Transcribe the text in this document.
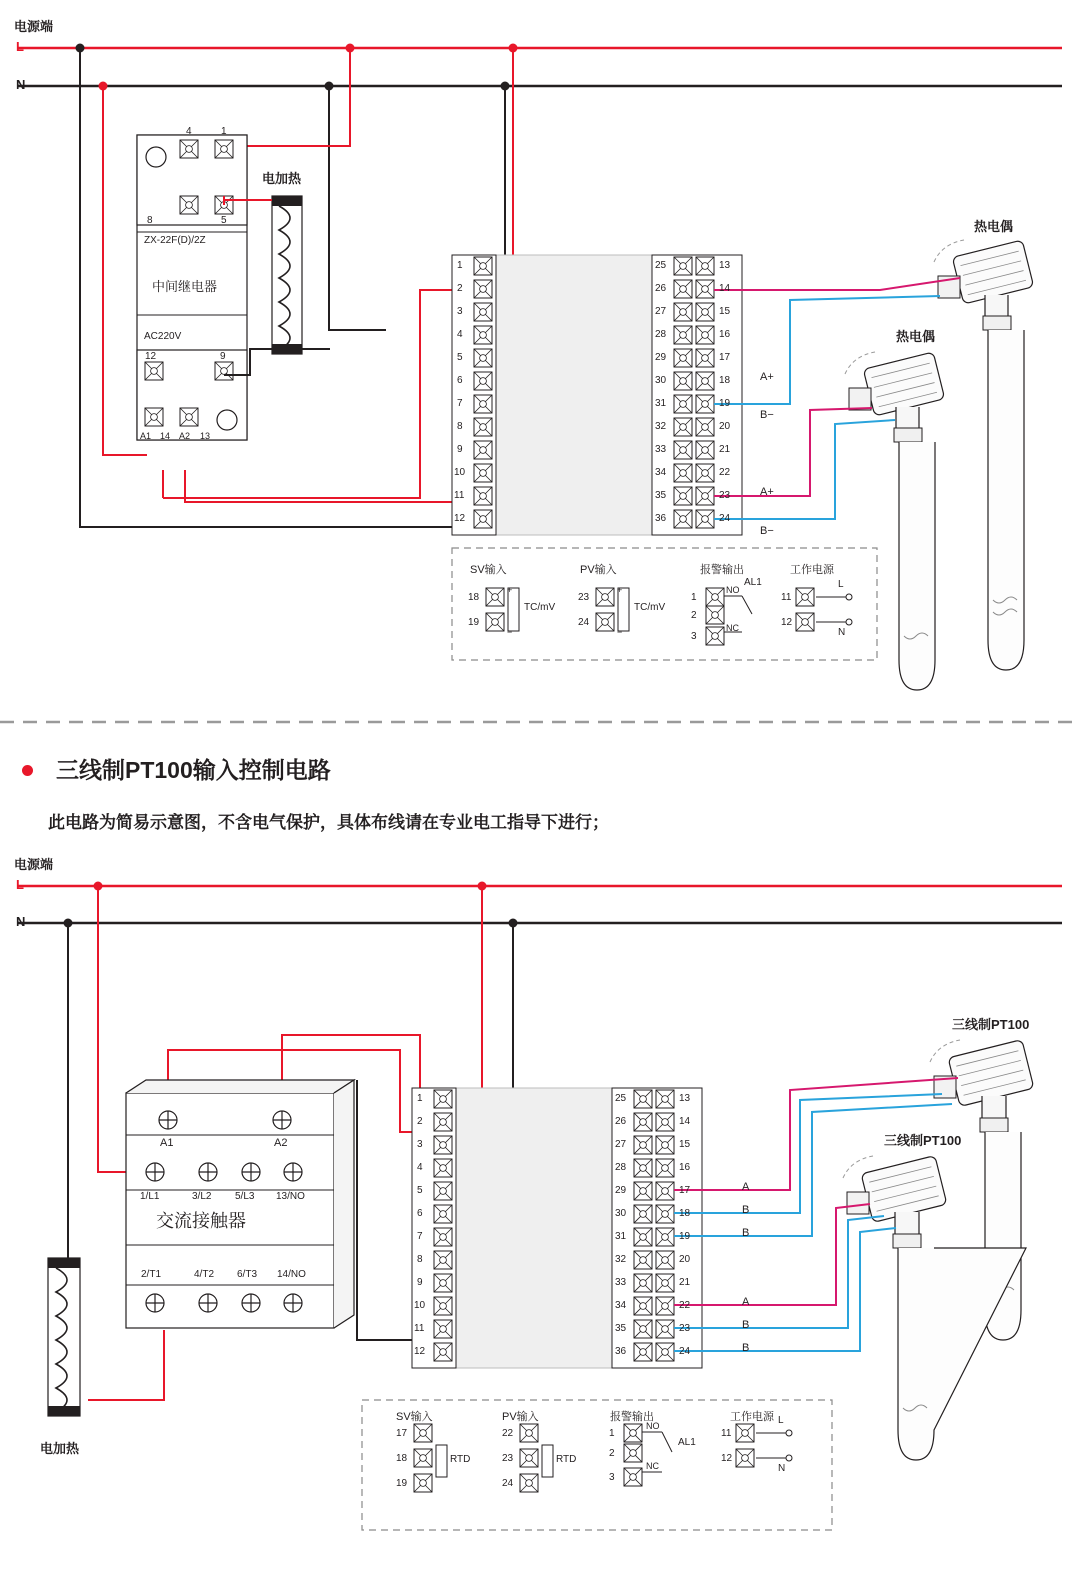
电源端
L
N
电加热
4	1
8	5
12	9
A1 14 A2 13
ZX-22F(D)/2Z
中间继电器
AC220V
1
2
3
4
5
6
7
8
9
10
11
12
25
26
27
28
29
30
31
32
33
34
35
36
13
14
15
16
17
18
19
20
21
22
23
24
A+
B−
A+
B−
热电偶
热电偶
SV输入
18
19
+
−
TC/mV
PV输入
23
24
+
−
TC/mV
报警输出
1
2
3
NO
NC
AL1
工作电源
11
12
L
N
三线制PT100输入控制电路
此电路为简易示意图，不含电气保护，具体布线请在专业电工指导下进行；
电源端
L
N
电加热
A1	A2
1/L1	3/L2 5/L3 13/NO
交流接触器
2/T1	4/T2 6/T3 14/NO
1
2
3
4
5
6
7
8
9
10
11
12
25
26
27
28
29
30
31
32
33
34
35
36
13
14
15
16
17
18
19
20
21
22
23
24
A
B
B
A
B
B
三线制PT100
三线制PT100
SV输入
17
18
19
RTD
PV输入
22
23
24
RTD
报警输出
1
2
3
NO
NC
AL1
工作电源
11
12
L
N
